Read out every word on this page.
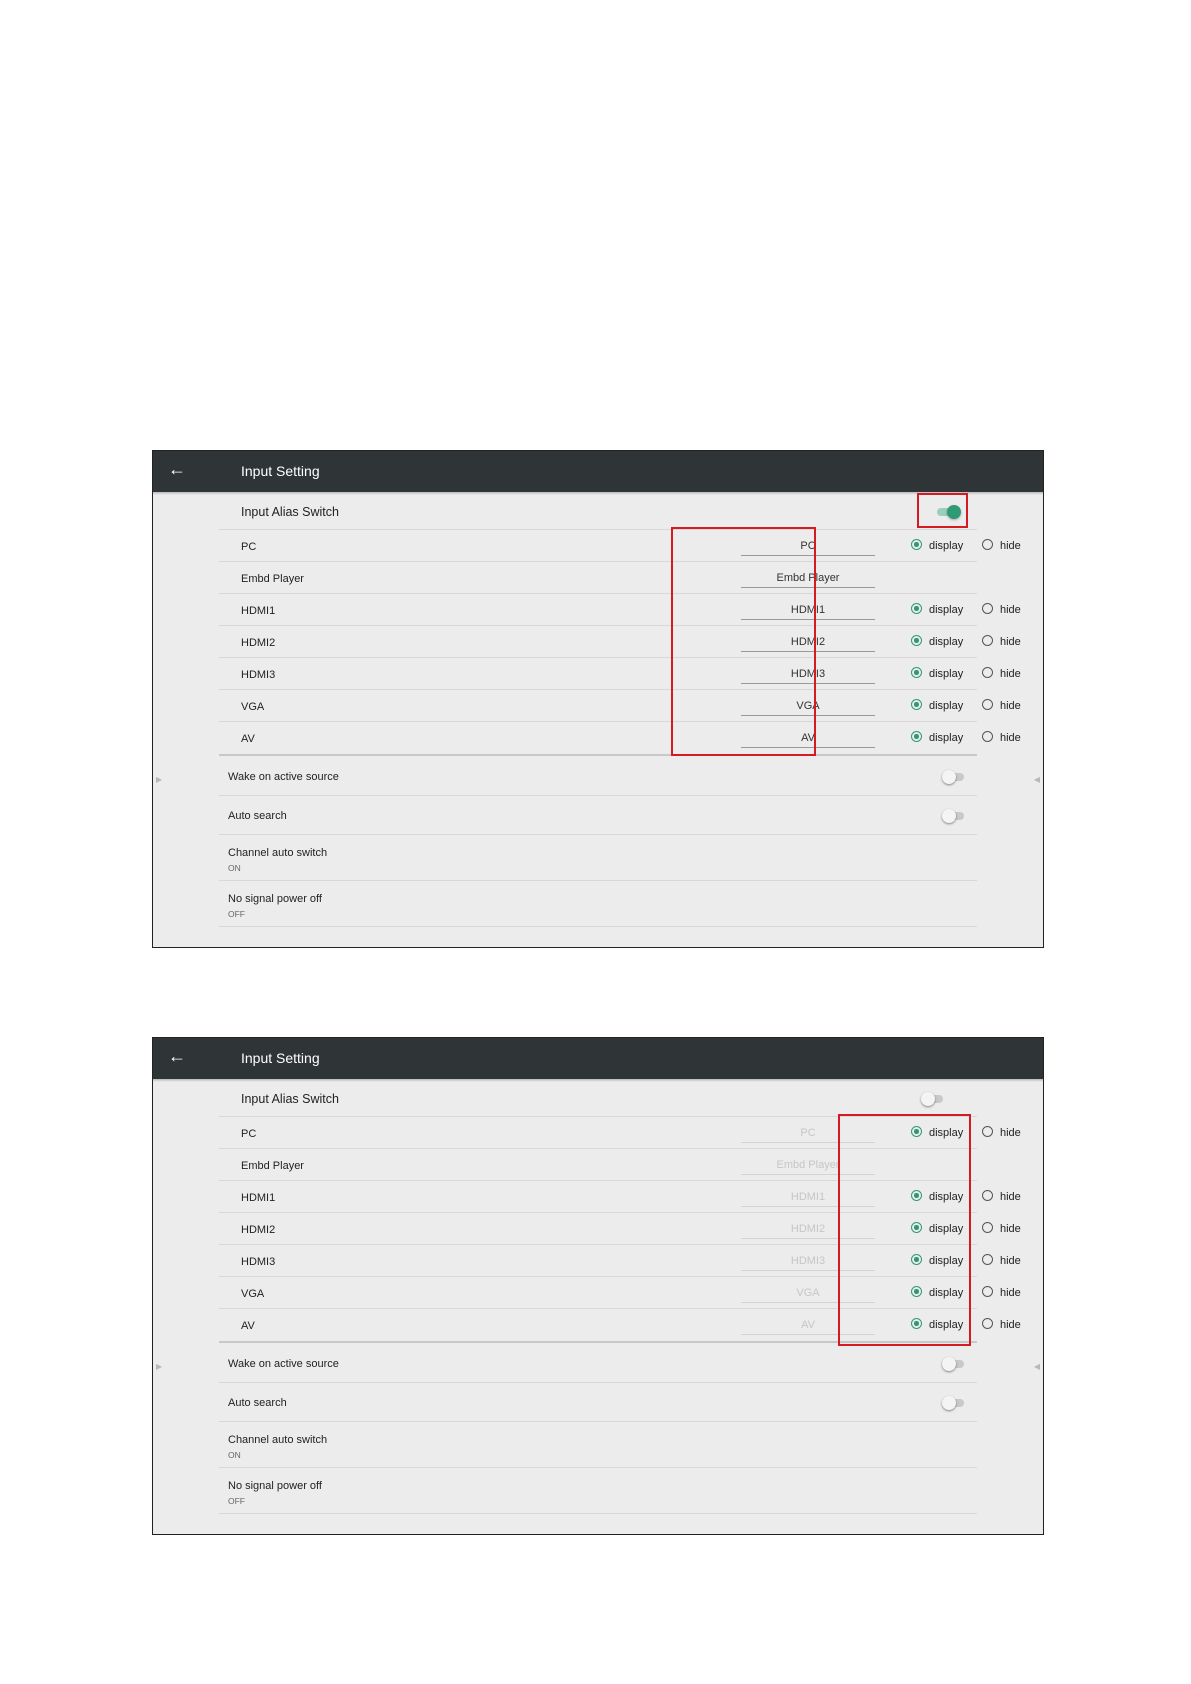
←	Input Setting
Input Alias Switch
PC	PC	display	hide
Embd Player	Embd Player
HDMI1	HDMI1	display	hide
HDMI2	HDMI2	display	hide
HDMI3	HDMI3	display	hide
VGA	VGA	display	hide
AV	AV	display	hide
▶	◀
Wake on active source
Auto search
Channel auto switch
ON
No signal power off
OFF
←	Input Setting
Input Alias Switch
PC	PC	display	hide
Embd Player	Embd Player
HDMI1	HDMI1	display	hide
HDMI2	HDMI2	display	hide
HDMI3	HDMI3	display	hide
VGA	VGA	display	hide
AV	AV	display	hide
▶	◀
Wake on active source
Auto search
Channel auto switch
ON
No signal power off
OFF
